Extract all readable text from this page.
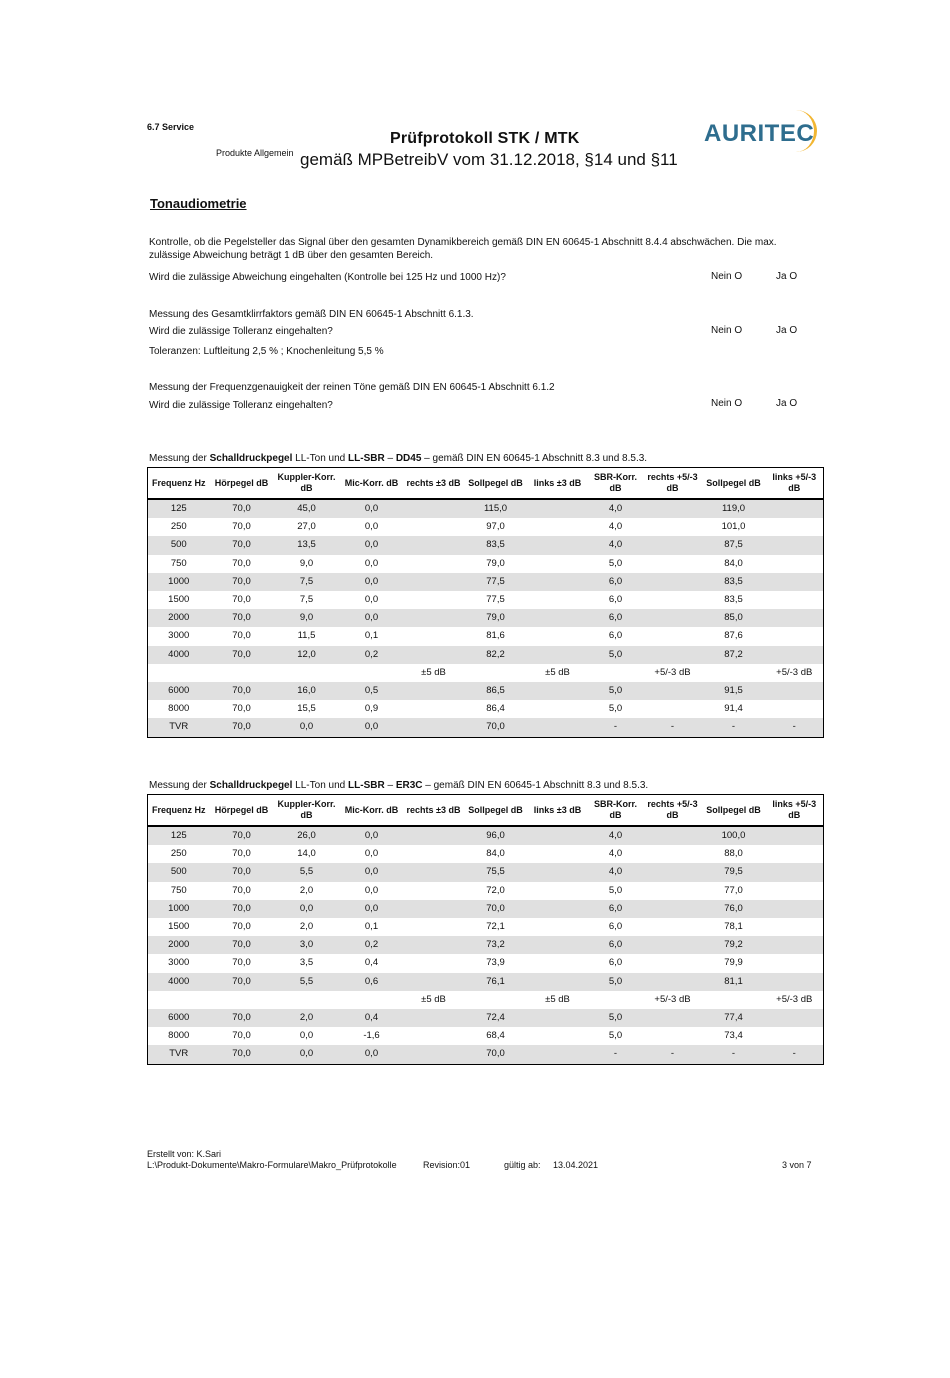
6.7 Service
Produkte Allgemein
Prüfprotokoll STK / MTK
gemäß MPBetreibV vom 31.12.2018, §14 und §11
AURITEC
Tonaudiometrie
Kontrolle, ob die Pegelsteller das Signal über den gesamten Dynamikbereich gemäß DIN EN 60645-1 Abschnitt 8.4.4 abschwächen. Die max. zulässige Abweichung beträgt 1 dB über den gesamten Bereich.
Wird die zulässige Abweichung eingehalten (Kontrolle bei 125 Hz und 1000 Hz)?	Nein O	Ja O
Messung des Gesamtklirrfaktors gemäß DIN EN 60645-1 Abschnitt 6.1.3.
Wird die zulässige Tolleranz eingehalten?	Nein O	Ja O
Toleranzen: Luftleitung 2,5 % ; Knochenleitung 5,5 %
Messung der Frequenzgenauigkeit der reinen Töne gemäß DIN EN 60645-1 Abschnitt 6.1.2
Wird die zulässige Tolleranz eingehalten?	Nein O	Ja O
Messung der Schalldruckpegel LL-Ton und LL-SBR – DD45 – gemäß DIN EN 60645-1 Abschnitt 8.3 und 8.5.3.
Frequenz Hz	Hörpegel dB	Kuppler-Korr. dB	Mic-Korr. dB	rechts ±3 dB	Sollpegel dB	links ±3 dB	SBR-Korr. dB	rechts +5/-3 dB	Sollpegel dB	links +5/-3 dB
125	70,0	45,0	0,0		115,0		4,0		119,0	
250	70,0	27,0	0,0		97,0		4,0		101,0	
500	70,0	13,5	0,0		83,5		4,0		87,5	
750	70,0	9,0	0,0		79,0		5,0		84,0	
1000	70,0	7,5	0,0		77,5		6,0		83,5	
1500	70,0	7,5	0,0		77,5		6,0		83,5	
2000	70,0	9,0	0,0		79,0		6,0		85,0	
3000	70,0	11,5	0,1		81,6		6,0		87,6	
4000	70,0	12,0	0,2		82,2		5,0		87,2	
				±5 dB		±5 dB		+5/-3 dB		+5/-3 dB
6000	70,0	16,0	0,5		86,5		5,0		91,5	
8000	70,0	15,5	0,9		86,4		5,0		91,4	
TVR	70,0	0,0	0,0		70,0		-	-	-	-
Messung der Schalldruckpegel LL-Ton und LL-SBR – ER3C – gemäß DIN EN 60645-1 Abschnitt 8.3 und 8.5.3.
Frequenz Hz	Hörpegel dB	Kuppler-Korr. dB	Mic-Korr. dB	rechts ±3 dB	Sollpegel dB	links ±3 dB	SBR-Korr. dB	rechts +5/-3 dB	Sollpegel dB	links +5/-3 dB
125	70,0	26,0	0,0		96,0		4,0		100,0	
250	70,0	14,0	0,0		84,0		4,0		88,0	
500	70,0	5,5	0,0		75,5		4,0		79,5	
750	70,0	2,0	0,0		72,0		5,0		77,0	
1000	70,0	0,0	0,0		70,0		6,0		76,0	
1500	70,0	2,0	0,1		72,1		6,0		78,1	
2000	70,0	3,0	0,2		73,2		6,0		79,2	
3000	70,0	3,5	0,4		73,9		6,0		79,9	
4000	70,0	5,5	0,6		76,1		5,0		81,1	
				±5 dB		±5 dB		+5/-3 dB		+5/-3 dB
6000	70,0	2,0	0,4		72,4		5,0		77,4	
8000	70,0	0,0	-1,6		68,4		5,0		73,4	
TVR	70,0	0,0	0,0		70,0		-	-	-	-
Erstellt von: K.Sari
L:\Produkt-Dokumente\Makro-Formulare\Makro_Prüfprotokolle	Revision:01	gültig ab: 13.04.2021	3 von 7
